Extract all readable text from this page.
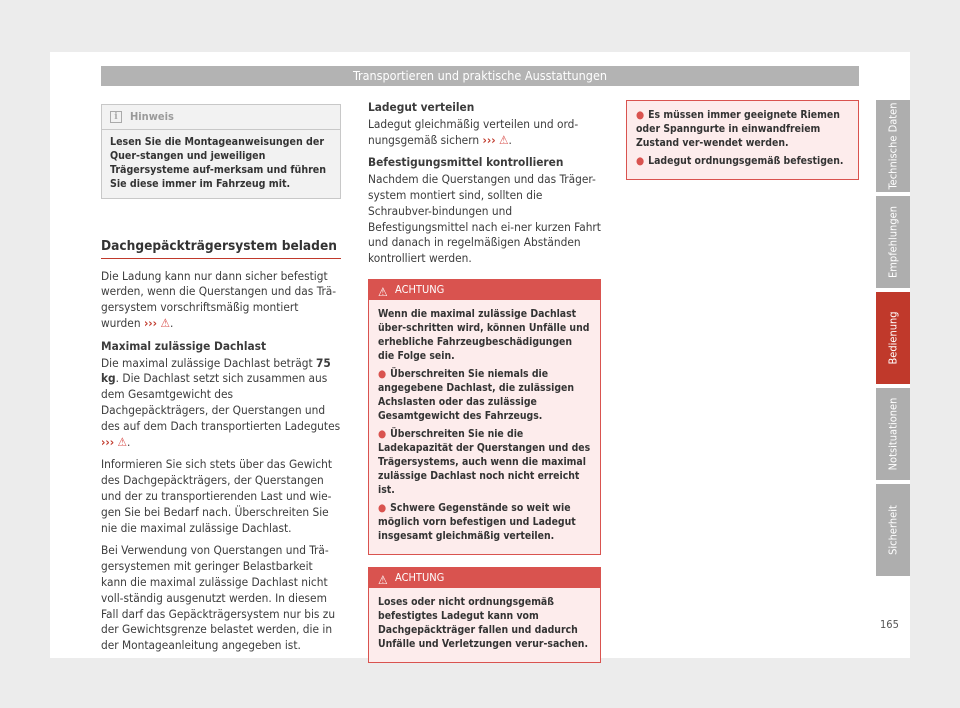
Transportieren und praktische Ausstattungen
i	Hinweis
Lesen Sie die Montageanweisungen der Quer-stangen und jeweiligen Trägersysteme auf-merksam und führen Sie diese immer im Fahrzeug mit.
Dachgepäckträgersystem beladen

Die Ladung kann nur dann sicher befestigt werden, wenn die Querstangen und das Trä-gersystem vorschriftsmäßig montiert wurden ››› ⚠.

Maximal zulässige Dachlast

Die maximal zulässige Dachlast beträgt 75 kg. Die Dachlast setzt sich zusammen aus dem Gesamtgewicht des Dachgepäckträgers, der Querstangen und des auf dem Dach transportierten Ladegutes ››› ⚠.

Informieren Sie sich stets über das Gewicht des Dachgepäckträgers, der Querstangen und der zu transportierenden Last und wie-gen Sie bei Bedarf nach. Überschreiten Sie nie die maximal zulässige Dachlast.

Bei Verwendung von Querstangen und Trä-gersystemen mit geringer Belastbarkeit kann die maximal zulässige Dachlast nicht voll-ständig ausgenutzt werden. In diesem Fall darf das Gepäckträgersystem nur bis zu der Gewichtsgrenze belastet werden, die in der Montageanleitung angegeben ist.

Ladegut verteilen

Ladegut gleichmäßig verteilen und ord-nungsgemäß sichern ››› ⚠.

Befestigungsmittel kontrollieren

Nachdem die Querstangen und das Träger-system montiert sind, sollten die Schraubver-bindungen und Befestigungsmittel nach ei-ner kurzen Fahrt und danach in regelmäßigen Abständen kontrolliert werden.

⚠ ACHTUNG

Wenn die maximal zulässige Dachlast über-schritten wird, können Unfälle und erhebliche Fahrzeugbeschädigungen die Folge sein.

● Überschreiten Sie niemals die angegebene Dachlast, die zulässigen Achslasten oder das zulässige Gesamtgewicht des Fahrzeugs.

● Überschreiten Sie nie die Ladekapazität der Querstangen und des Trägersystems, auch wenn die maximal zulässige Dachlast noch nicht erreicht ist.

● Schwere Gegenstände so weit wie möglich vorn befestigen und Ladegut insgesamt gleichmäßig verteilen.

⚠ ACHTUNG

Loses oder nicht ordnungsgemäß befestigtes Ladegut kann vom Dachgepäckträger fallen und dadurch Unfälle und Verletzungen verur-sachen.

● Es müssen immer geeignete Riemen oder Spanngurte in einwandfreiem Zustand ver-wendet werden.

● Ladegut ordnungsgemäß befestigen.	Technische Daten
Empfehlungen
Bedienung
Notsituationen
Sicherheit
165
